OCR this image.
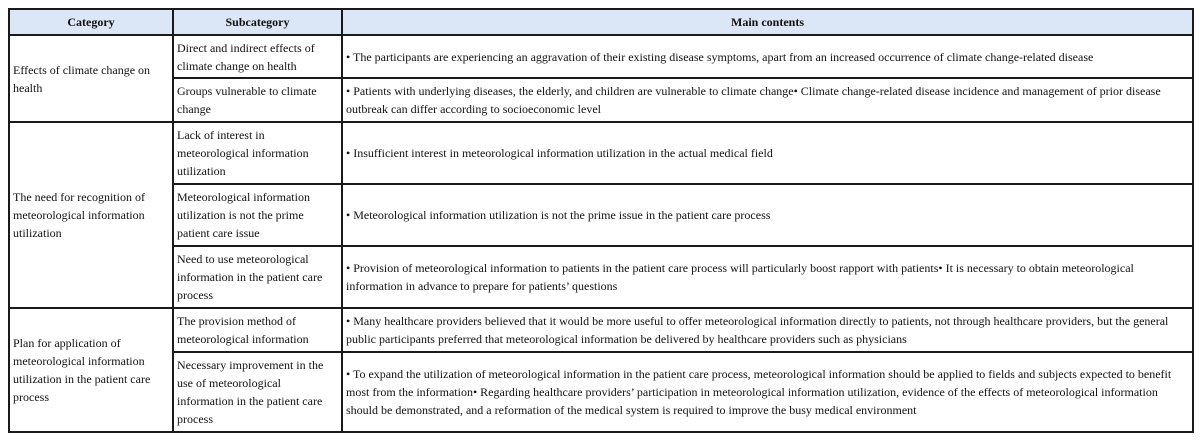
Category	Subcategory	Main contents
Effects of climate change on health	Direct and indirect effects of climate change on health	• The participants are experiencing an aggravation of their existing disease symptoms, apart from an increased occurrence of climate change-related disease
	Groups vulnerable to climate change	• Patients with underlying diseases, the elderly, and children are vulnerable to climate change• Climate change-related disease incidence and management of prior disease outbreak can differ according to socioeconomic level
The need for recognition of meteorological information utilization	Lack of interest in meteorological information utilization	• Insufficient interest in meteorological information utilization in the actual medical field
	Meteorological information utilization is not the prime patient care issue	• Meteorological information utilization is not the prime issue in the patient care process
	Need to use meteorological information in the patient care process	• Provision of meteorological information to patients in the patient care process will particularly boost rapport with patients• It is necessary to obtain meteorological information in advance to prepare for patients’ questions
Plan for application of meteorological information utilization in the patient care process	The provision method of meteorological information	• Many healthcare providers believed that it would be more useful to offer meteorological information directly to patients, not through healthcare providers, but the general public participants preferred that meteorological information be delivered by healthcare providers such as physicians
	Necessary improvement in the use of meteorological information in the patient care process	• To expand the utilization of meteorological information in the patient care process, meteorological information should be applied to fields and subjects expected to benefit most from the information• Regarding healthcare providers’ participation in meteorological information utilization, evidence of the effects of meteorological information should be demonstrated, and a reformation of the medical system is required to improve the busy medical environment
